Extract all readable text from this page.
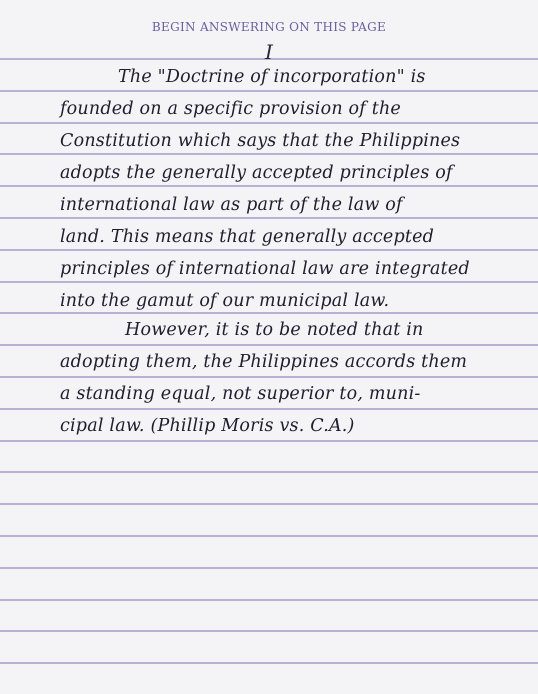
BEGIN ANSWERING ON THIS PAGE
I
The "Doctrine of incorporation" is
founded on a specific provision of the
Constitution which says that the Philippines
adopts the generally accepted principles of
international law as part of the law of
land. This means that generally accepted
principles of international law are integrated
into the gamut of our municipal law.
However, it is to be noted that in
adopting them, the Philippines accords them
a standing equal, not superior to, muni-
cipal law. (Phillip Moris vs. C.A.)
